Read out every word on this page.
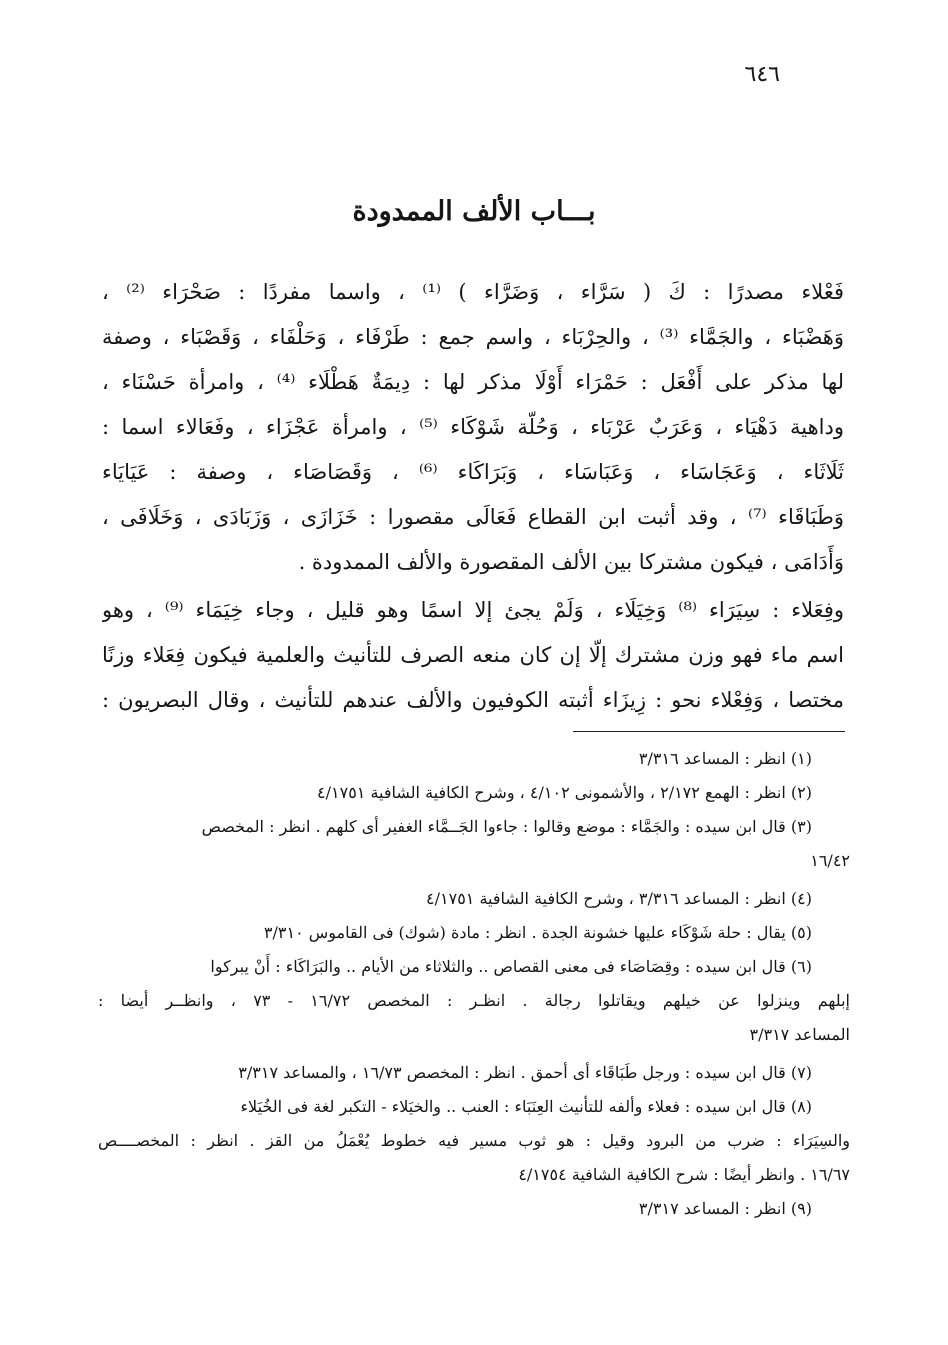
٦٤٦
بـــاب الألف الممدودة
فَعْلاء مصدرًا : كَ ( سَرَّاء ، وَضَرَّاء ) ⁽¹⁾ ، واسما مفردًا : صَحْرَاء ⁽²⁾ ،
وَهَضْبَاء ، والجَمَّاء ⁽³⁾ ، والحِرْبَاء ، واسم جمع : طَرْفَاء ، وَحَلْفَاء ، وَقَصْبَاء ، وصفة
لها مذكر على أَفْعَل : حَمْرَاء أَوْلَا مذكر لها : دِيمَةٌ هَطْلَاء ⁽⁴⁾ ، وامرأة حَسْنَاء ،
وداهية دَهْيَاء ، وَعَرَبٌ عَرْبَاء ، وَحُلّة شَوْكَاء ⁽⁵⁾ ، وامرأة عَجْزَاء ، وفَعَالاء اسما :
ثَلَاثَاء ، وَعَجَاسَاء ، وَعَبَاسَاء ، وَبَرَاكَاء ⁽⁶⁾ ، وَقَصَاصَاء ، وصفة : عَيَايَاء
وَطَبَاقَاء ⁽⁷⁾ ، وقد أثبت ابن القطاع فَعَالَى مقصورا : خَزَازَى ، وَزَبَادَى ، وَخَلَافَى ،
وَأَدَامَى ، فيكون مشتركا بين الألف المقصورة والألف الممدودة .
وفِعَلاء : سِيَرَاء ⁽⁸⁾ وَخِيَلَاء ، وَلَمْ يجئ إلا اسمًا وهو قليل ، وجاء خِيَمَاء ⁽⁹⁾ ، وهو
اسم ماء فهو وزن مشترك إلّا إن كان منعه الصرف للتأنيث والعلمية فيكون فِعَلاء وزنًا
مختصا ، وَفِعْلاء نحو : زِيزَاء أثبته الكوفيون والألف عندهم للتأنيث ، وقال البصريون :
(١) انظر : المساعد ٣/٣١٦
(٢) انظر : الهمع ٢/١٧٢ ، والأشمونى ٤/١٠٢ ، وشرح الكافية الشافية ٤/١٧٥١
(٣) قال ابن سيده : والجَمَّاء : موضع وقالوا : جاءوا الجَــمَّاء الغفير أى كلهم . انظر : المخصص
١٦/٤٢
(٤) انظر : المساعد ٣/٣١٦ ، وشرح الكافية الشافية ٤/١٧٥١
(٥) يقال : حلة شَوْكَاء عليها خشونة الجدة . انظر : مادة (شوك) فى القاموس ٣/٣١٠
(٦) قال ابن سيده : وقِصَاصَاء فى معنى القصاص .. والثلاثاء من الأيام .. والبَرَاكَاء : أَنْ يبركوا
إبلهم وينزلوا عن خيلهم ويقاتلوا رجالة . انظـر : المخصص ١٦/٧٢ - ٧٣ ، وانظــر أيضا :
المساعد ٣/٣١٧
(٧) قال ابن سيده : ورجل طَبَاقَاء أى أحمق . انظر : المخصص ١٦/٧٣ ، والمساعد ٣/٣١٧
(٨) قال ابن سيده : فعلاء وألفه للتأنيث العِنَبَاء : العنب .. والخيَلاء - التكبر لغة فى الخُيَلاء
والسِيَرَاء : ضرب من البرود وقيل : هو ثوب مسير فيه خطوط يُعْمَلُ من القز . انظر : المخصــــص
١٦/٦٧ . وانظر أيضًا : شرح الكافية الشافية ٤/١٧٥٤
(٩) انظر : المساعد ٣/٣١٧
